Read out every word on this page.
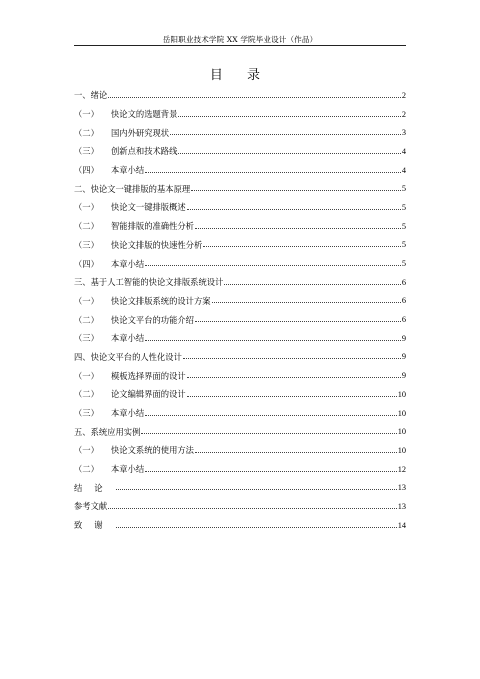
岳阳职业技术学院 XX 学院毕业设计（作品）
目 录
一、绪论	2
（一）	快论文的选题背景	2
（二）	国内外研究现状	3
（三）	创新点和技术路线	4
（四）	本章小结	4
二、快论文一键排版的基本原理	5
（一）	快论文一键排版概述	5
（二）	智能排版的准确性分析	5
（三）	快论文排版的快速性分析	5
（四）	本章小结	5
三、基于人工智能的快论文排版系统设计	6
（一）	快论文排版系统的设计方案	6
（二）	快论文平台的功能介绍	6
（三）	本章小结	9
四、快论文平台的人性化设计	9
（一）	模板选择界面的设计	9
（二）	论文编辑界面的设计	10
（三）	本章小结	10
五、系统应用实例	10
（一）	快论文系统的使用方法	10
（二）	本章小结	12
结论	13
参考文献	13
致谢	14
